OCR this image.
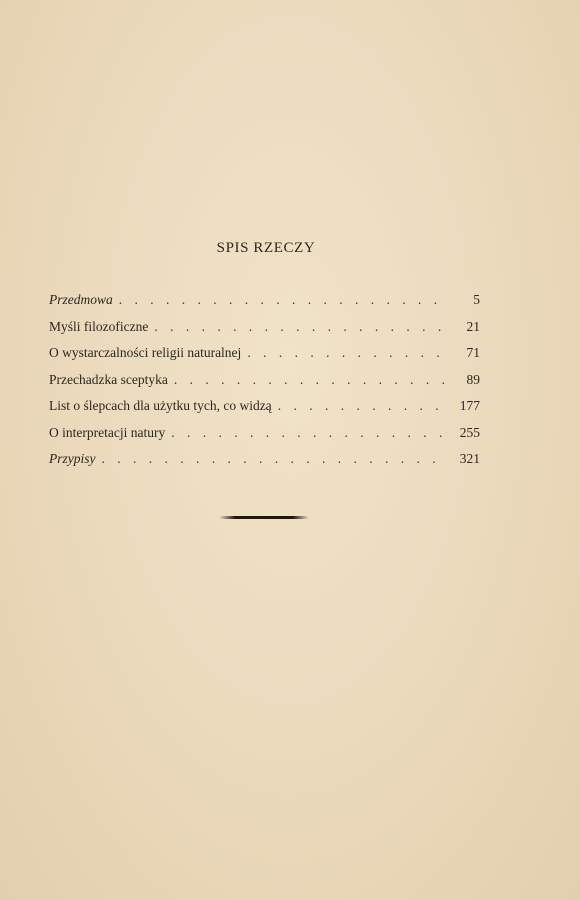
SPIS RZECZY
Przedmowa . . .	5
Myśli filozoficzne . . .	21
O wystarczalności religii naturalnej . . .	71
Przechadzka sceptyka . . .	89
List o ślepcach dla użytku tych, co widzą . . .	177
O interpretacji natury . . .	255
Przypisy . . .	321
